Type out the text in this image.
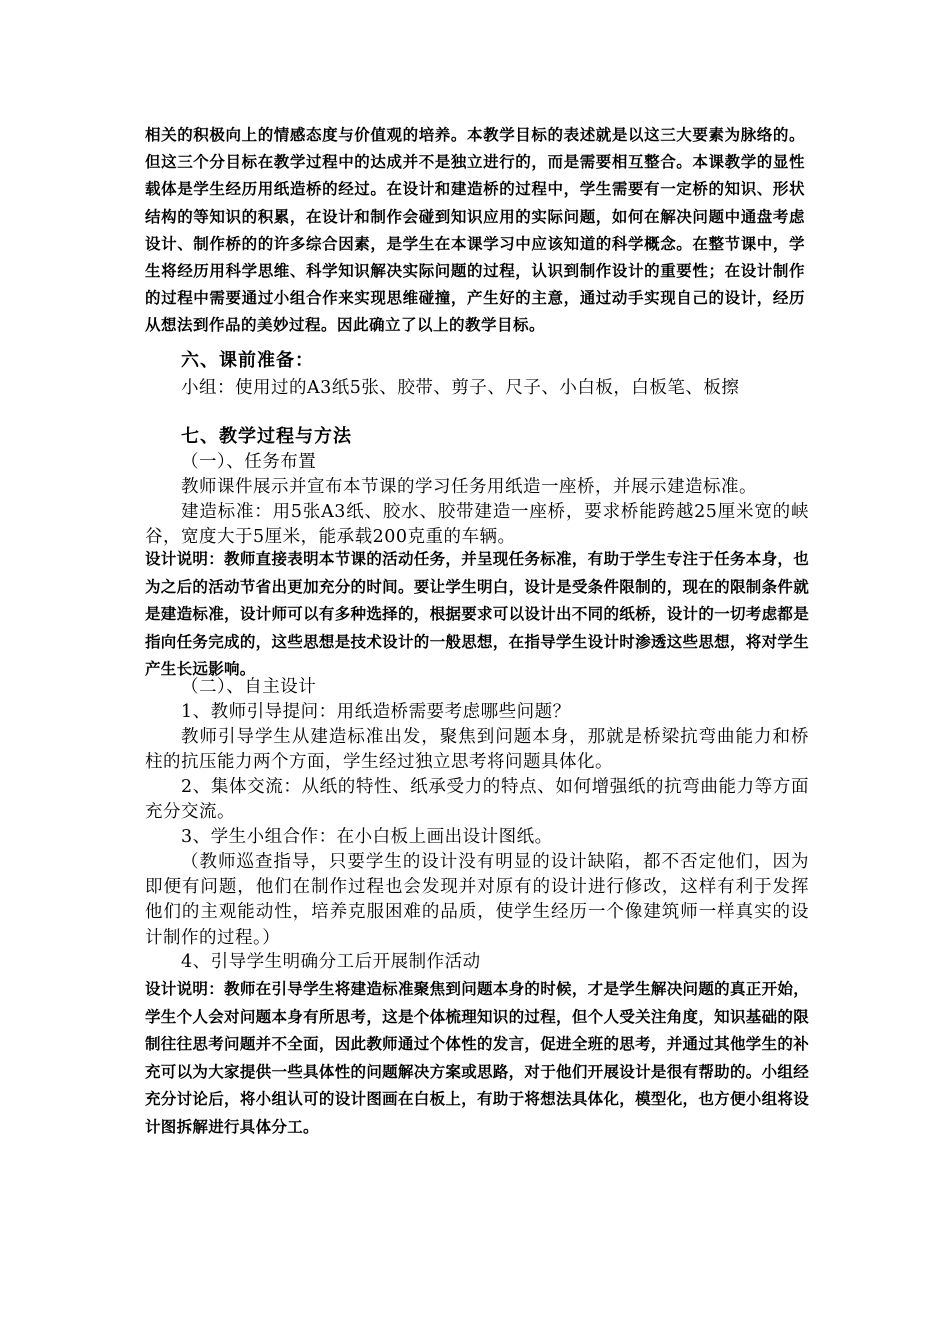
相关的积极向上的情感态度与价值观的培养。本教学目标的表述就是以这三大要素为脉络的。但这三个分目标在教学过程中的达成并不是独立进行的，而是需要相互整合。本课教学的显性载体是学生经历用纸造桥的经过。在设计和建造桥的过程中，学生需要有一定桥的知识、形状结构的等知识的积累，在设计和制作会碰到知识应用的实际问题，如何在解决问题中通盘考虑设计、制作桥的的许多综合因素，是学生在本课学习中应该知道的科学概念。在整节课中，学生将经历用科学思维、科学知识解决实际问题的过程，认识到制作设计的重要性；在设计制作的过程中需要通过小组合作来实现思维碰撞，产生好的主意，通过动手实现自己的设计，经历从想法到作品的美妙过程。因此确立了以上的教学目标。

六、课前准备：

小组：使用过的A3纸5张、胶带、剪子、尺子、小白板，白板笔、板擦

七、教学过程与方法

（一）、任务布置

教师课件展示并宣布本节课的学习任务用纸造一座桥，并展示建造标准。

建造标准：用5张A3纸、胶水、胶带建造一座桥，要求桥能跨越25厘米宽的峡谷，宽度大于5厘米，能承载200克重的车辆。

设计说明：教师直接表明本节课的活动任务，并呈现任务标准，有助于学生专注于任务本身，也为之后的活动节省出更加充分的时间。要让学生明白，设计是受条件限制的，现在的限制条件就是建造标准，设计师可以有多种选择的，根据要求可以设计出不同的纸桥，设计的一切考虑都是指向任务完成的，这些思想是技术设计的一般思想，在指导学生设计时渗透这些思想，将对学生产生长远影响。

（二）、自主设计

1、教师引导提问：用纸造桥需要考虑哪些问题？

教师引导学生从建造标准出发，聚焦到问题本身，那就是桥梁抗弯曲能力和桥柱的抗压能力两个方面，学生经过独立思考将问题具体化。

2、集体交流：从纸的特性、纸承受力的特点、如何增强纸的抗弯曲能力等方面充分交流。

3、学生小组合作：在小白板上画出设计图纸。

（教师巡查指导，只要学生的设计没有明显的设计缺陷，都不否定他们，因为即便有问题，他们在制作过程也会发现并对原有的设计进行修改，这样有利于发挥他们的主观能动性，培养克服困难的品质，使学生经历一个像建筑师一样真实的设计制作的过程。）

4、引导学生明确分工后开展制作活动

设计说明：教师在引导学生将建造标准聚焦到问题本身的时候，才是学生解决问题的真正开始，学生个人会对问题本身有所思考，这是个体梳理知识的过程，但个人受关注角度，知识基础的限制往往思考问题并不全面，因此教师通过个体性的发言，促进全班的思考，并通过其他学生的补充可以为大家提供一些具体性的问题解决方案或思路，对于他们开展设计是很有帮助的。小组经充分讨论后，将小组认可的设计图画在白板上，有助于将想法具体化，模型化，也方便小组将设计图拆解进行具体分工。
